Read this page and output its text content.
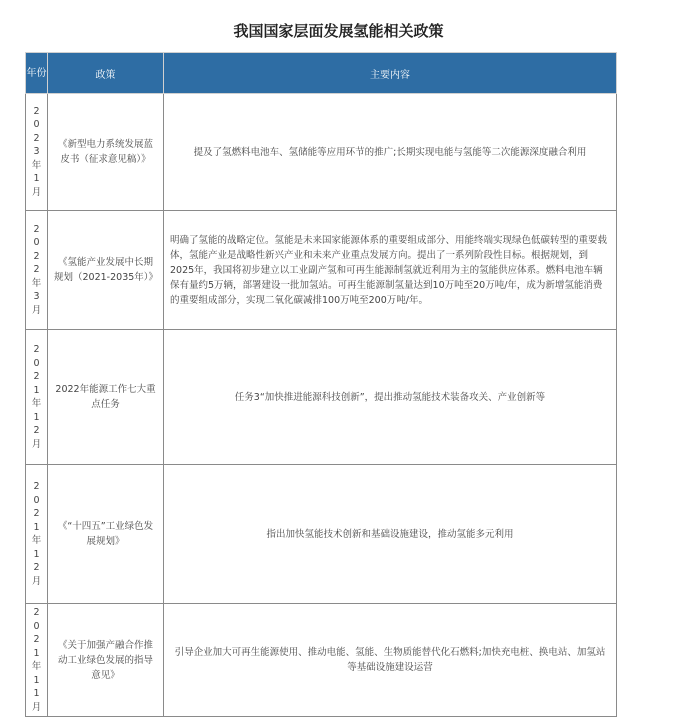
我国国家层面发展氢能相关政策
年份	政策	主要内容
2023年1月	《新型电力系统发展蓝皮书（征求意见稿）》	提及了氢燃料电池车、氢储能等应用环节的推广;长期实现电能与氢能等二次能源深度融合利用
2022年3月	《氢能产业发展中长期规划（2021-2035年）》	明确了氢能的战略定位。氢能是未来国家能源体系的重要组成部分、用能终端实现绿色低碳转型的重要载体，氢能产业是战略性新兴产业和未来产业重点发展方向。提出了一系列阶段性目标。根据规划，到2025年，我国将初步建立以工业副产氢和可再生能源制氢就近利用为主的氢能供应体系。燃料电池车辆保有量约5万辆，部署建设一批加氢站。可再生能源制氢量达到10万吨至20万吨/年，成为新增氢能消费的重要组成部分，实现二氧化碳减排100万吨至200万吨/年。
2021年12月	2022年能源工作七大重点任务	任务3“加快推进能源科技创新”，提出推动氢能技术装备攻关、产业创新等
2021年12月	《“十四五”工业绿色发展规划》	指出加快氢能技术创新和基础设施建设，推动氢能多元利用
2021年11月	《关于加强产融合作推动工业绿色发展的指导意见》	引导企业加大可再生能源使用、推动电能、氢能、生物质能替代化石燃料;加快充电桩、换电站、加氢站等基础设施建设运营
